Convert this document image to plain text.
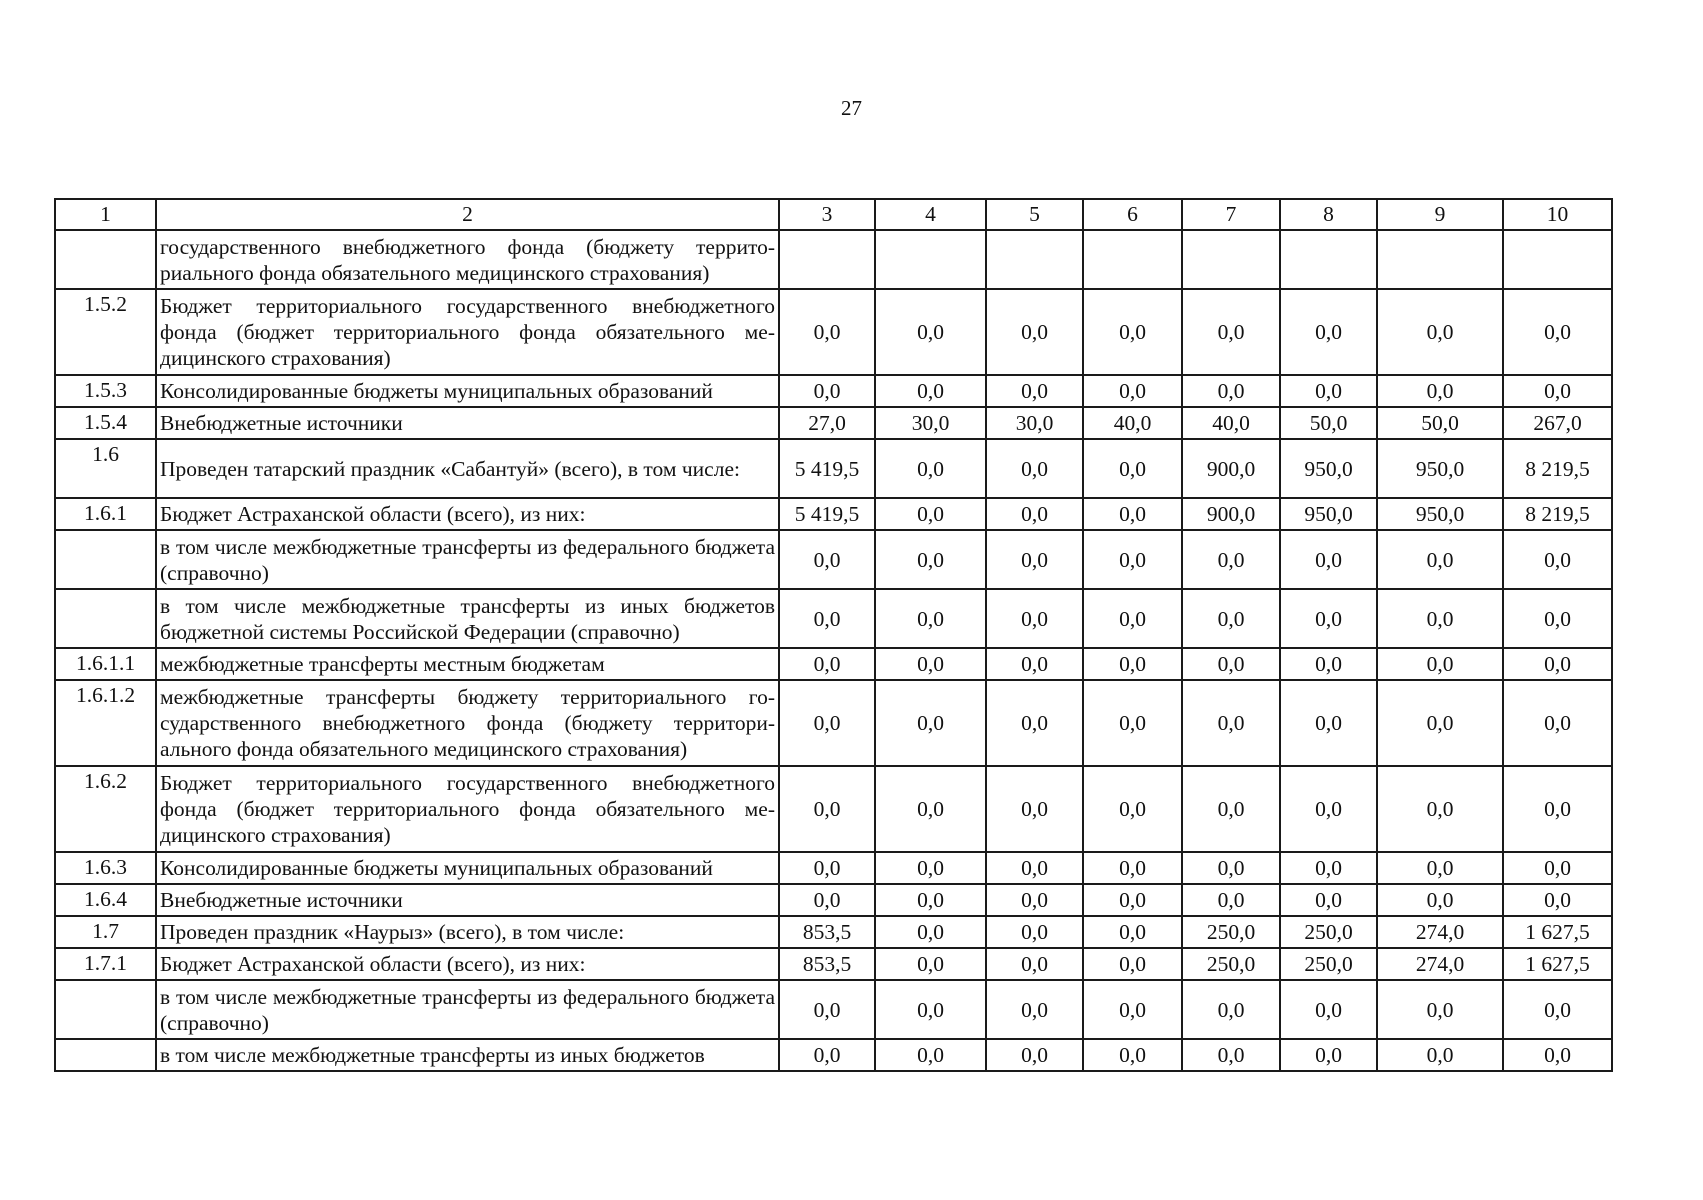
27
1	2	3	4	5	6	7	8	9	10
	государственного внебюджетного фонда (бюджету террито-риального фонда обязательного медицинского страхования)								
1.5.2	Бюджет территориального государственного внебюджетного фонда (бюджет территориального фонда обязательного ме-дицинского страхования)	0,0	0,0	0,0	0,0	0,0	0,0	0,0	0,0
1.5.3	Консолидированные бюджеты муниципальных образований	0,0	0,0	0,0	0,0	0,0	0,0	0,0	0,0
1.5.4	Внебюджетные источники	27,0	30,0	30,0	40,0	40,0	50,0	50,0	267,0
1.6	Проведен татарский праздник «Сабантуй» (всего), в том числе:	5 419,5	0,0	0,0	0,0	900,0	950,0	950,0	8 219,5
1.6.1	Бюджет Астраханской области (всего), из них:	5 419,5	0,0	0,0	0,0	900,0	950,0	950,0	8 219,5
	в том числе межбюджетные трансферты из федерального бюджета (справочно)	0,0	0,0	0,0	0,0	0,0	0,0	0,0	0,0
	в том числе межбюджетные трансферты из иных бюджетов бюджетной системы Российской Федерации (справочно)	0,0	0,0	0,0	0,0	0,0	0,0	0,0	0,0
1.6.1.1	межбюджетные трансферты местным бюджетам	0,0	0,0	0,0	0,0	0,0	0,0	0,0	0,0
1.6.1.2	межбюджетные трансферты бюджету территориального го-сударственного внебюджетного фонда (бюджету территори-ального фонда обязательного медицинского страхования)	0,0	0,0	0,0	0,0	0,0	0,0	0,0	0,0
1.6.2	Бюджет территориального государственного внебюджетного фонда (бюджет территориального фонда обязательного ме-дицинского страхования)	0,0	0,0	0,0	0,0	0,0	0,0	0,0	0,0
1.6.3	Консолидированные бюджеты муниципальных образований	0,0	0,0	0,0	0,0	0,0	0,0	0,0	0,0
1.6.4	Внебюджетные источники	0,0	0,0	0,0	0,0	0,0	0,0	0,0	0,0
1.7	Проведен праздник «Наурыз» (всего), в том числе:	853,5	0,0	0,0	0,0	250,0	250,0	274,0	1 627,5
1.7.1	Бюджет Астраханской области (всего), из них:	853,5	0,0	0,0	0,0	250,0	250,0	274,0	1 627,5
	в том числе межбюджетные трансферты из федерального бюджета (справочно)	0,0	0,0	0,0	0,0	0,0	0,0	0,0	0,0
	в том числе межбюджетные трансферты из иных бюджетов	0,0	0,0	0,0	0,0	0,0	0,0	0,0	0,0
